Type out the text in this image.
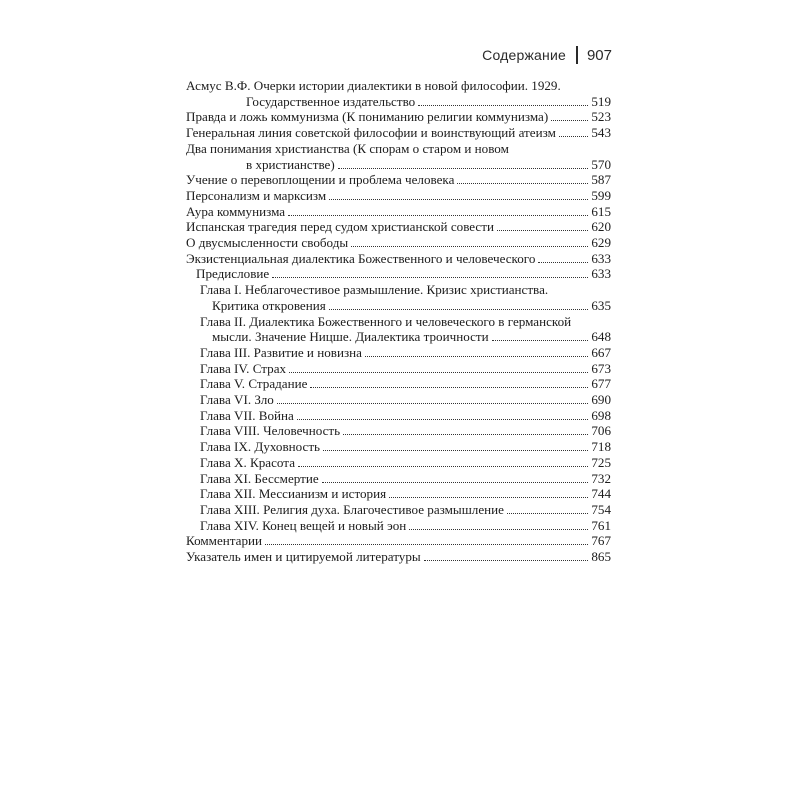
Содержание 907
Асмус В.Ф. Очерки истории диалектики в новой философии. 1929.
Государственное издательство	519
Правда и ложь коммунизма (К пониманию религии коммунизма)	523
Генеральная линия советской философии и воинствующий атеизм	543
Два понимания христианства (К спорам о старом и новом
в христианстве)	570
Учение о перевоплощении и проблема человека	587
Персонализм и марксизм	599
Аура коммунизма	615
Испанская трагедия перед судом христианской совести	620
О двусмысленности свободы	629
Экзистенциальная диалектика Божественного и человеческого	633
Предисловие	633
Глава I. Неблагочестивое размышление. Кризис христианства.
Критика откровения	635
Глава II. Диалектика Божественного и человеческого в германской
мысли. Значение Ницше. Диалектика троичности	648
Глава III. Развитие и новизна	667
Глава IV. Страх	673
Глава V. Страдание	677
Глава VI. Зло	690
Глава VII. Война	698
Глава VIII. Человечность	706
Глава IX. Духовность	718
Глава X. Красота	725
Глава XI. Бессмертие	732
Глава XII. Мессианизм и история	744
Глава XIII. Религия духа. Благочестивое размышление	754
Глава XIV. Конец вещей и новый эон	761
Комментарии	767
Указатель имен и цитируемой литературы	865
